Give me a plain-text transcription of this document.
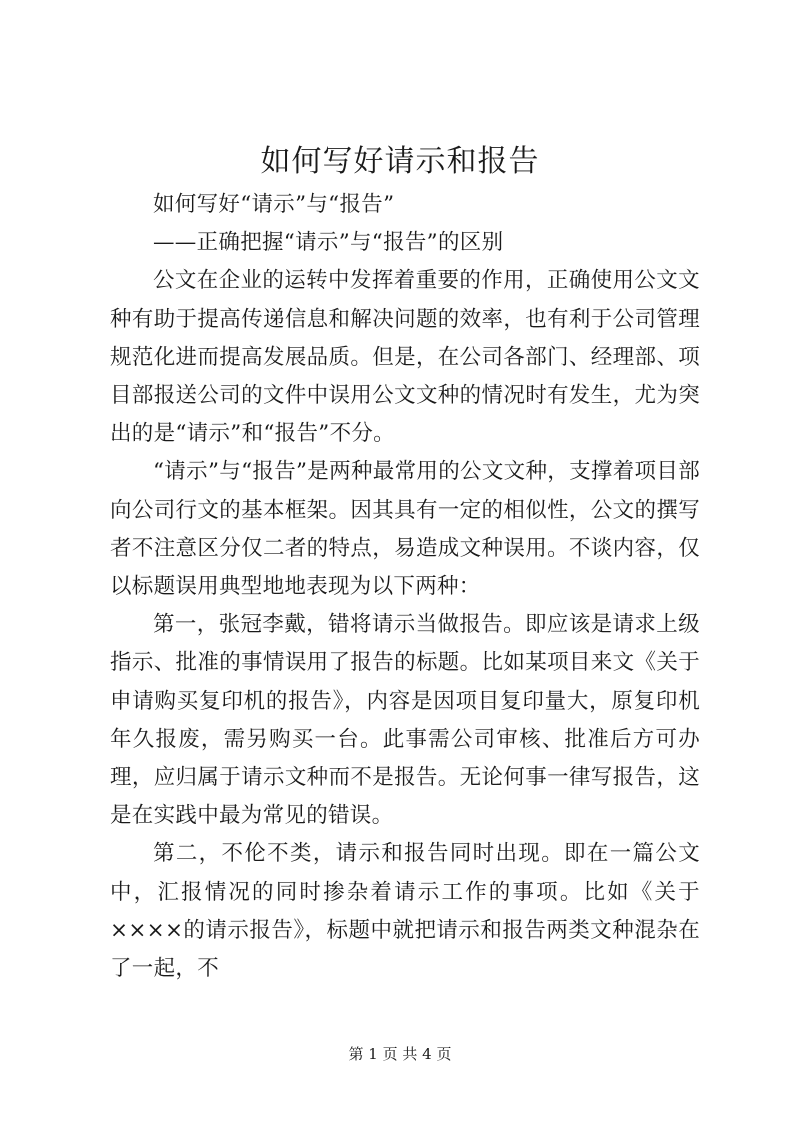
如何写好请示和报告

如何写好“请示”与“报告”

——正确把握“请示”与“报告”的区别

公文在企业的运转中发挥着重要的作用，正确使用公文文种有助于提高传递信息和解决问题的效率，也有利于公司管理规范化进而提高发展品质。但是，在公司各部门、经理部、项目部报送公司的文件中误用公文文种的情况时有发生，尤为突出的是“请示”和“报告”不分。

“请示”与“报告”是两种最常用的公文文种，支撑着项目部向公司行文的基本框架。因其具有一定的相似性，公文的撰写者不注意区分仅二者的特点，易造成文种误用。不谈内容，仅以标题误用典型地地表现为以下两种：

第一，张冠李戴，错将请示当做报告。即应该是请求上级指示、批准的事情误用了报告的标题。比如某项目来文《关于申请购买复印机的报告》，内容是因项目复印量大，原复印机年久报废，需另购买一台。此事需公司审核、批准后方可办理，应归属于请示文种而不是报告。无论何事一律写报告，这是在实践中最为常见的错误。

第二，不伦不类，请示和报告同时出现。即在一篇公文中，汇报情况的同时掺杂着请示工作的事项。比如《关于××××的请示报告》，标题中就把请示和报告两类文种混杂在了一起，不

第 1 页 共 4 页
